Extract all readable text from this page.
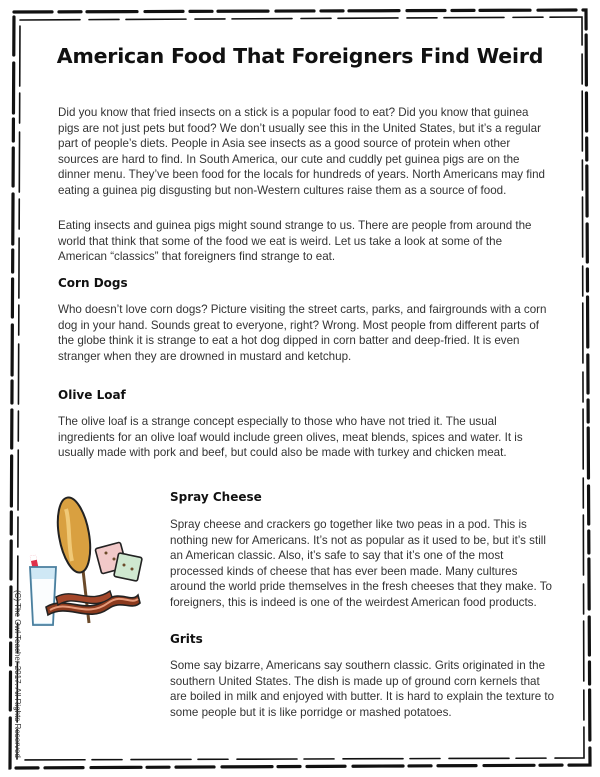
American Food That Foreigners Find Weird

Did you know that fried insects on a stick is a popular food to eat? Did you know that guinea pigs are not just pets but food? We don’t usually see this in the United States, but it’s a regular part of people’s diets. People in Asia see insects as a good source of protein when other sources are hard to find. In South America, our cute and cuddly pet guinea pigs are on the dinner menu. They’ve been food for the locals for hundreds of years. North Americans may find eating a guinea pig disgusting but non-Western cultures raise them as a source of food.

Eating insects and guinea pigs might sound strange to us. There are people from around the world that think that some of the food we eat is weird. Let us take a look at some of the American “classics” that foreigners find strange to eat.

Corn Dogs

Who doesn’t love corn dogs? Picture visiting the street carts, parks, and fairgrounds with a corn dog in your hand. Sounds great to everyone, right? Wrong. Most people from different parts of the globe think it is strange to eat a hot dog dipped in corn batter and deep-fried. It is even stranger when they are drowned in mustard and ketchup.

Olive Loaf

The olive loaf is a strange concept especially to those who have not tried it. The usual ingredients for an olive loaf would include green olives, meat blends, spices and water. It is usually made with pork and beef, but could also be made with turkey and chicken meat.

Spray Cheese

Spray cheese and crackers go together like two peas in a pod. This is nothing new for Americans. It’s not as popular as it used to be, but it’s still an American classic. Also, it’s safe to say that it’s one of the most processed kinds of cheese that has ever been made. Many cultures around the world pride themselves in the fresh cheeses that they make. To foreigners, this is indeed is one of the weirdest American food products.

Grits

Some say bizarre, Americans say southern classic. Grits originated in the southern United States. The dish is made up of ground corn kernels that are boiled in milk and enjoyed with butter. It is hard to explain the texture to some people but it is like porridge or mashed potatoes.

(C) The Owl Teacher 2017. All Rights Reserved
